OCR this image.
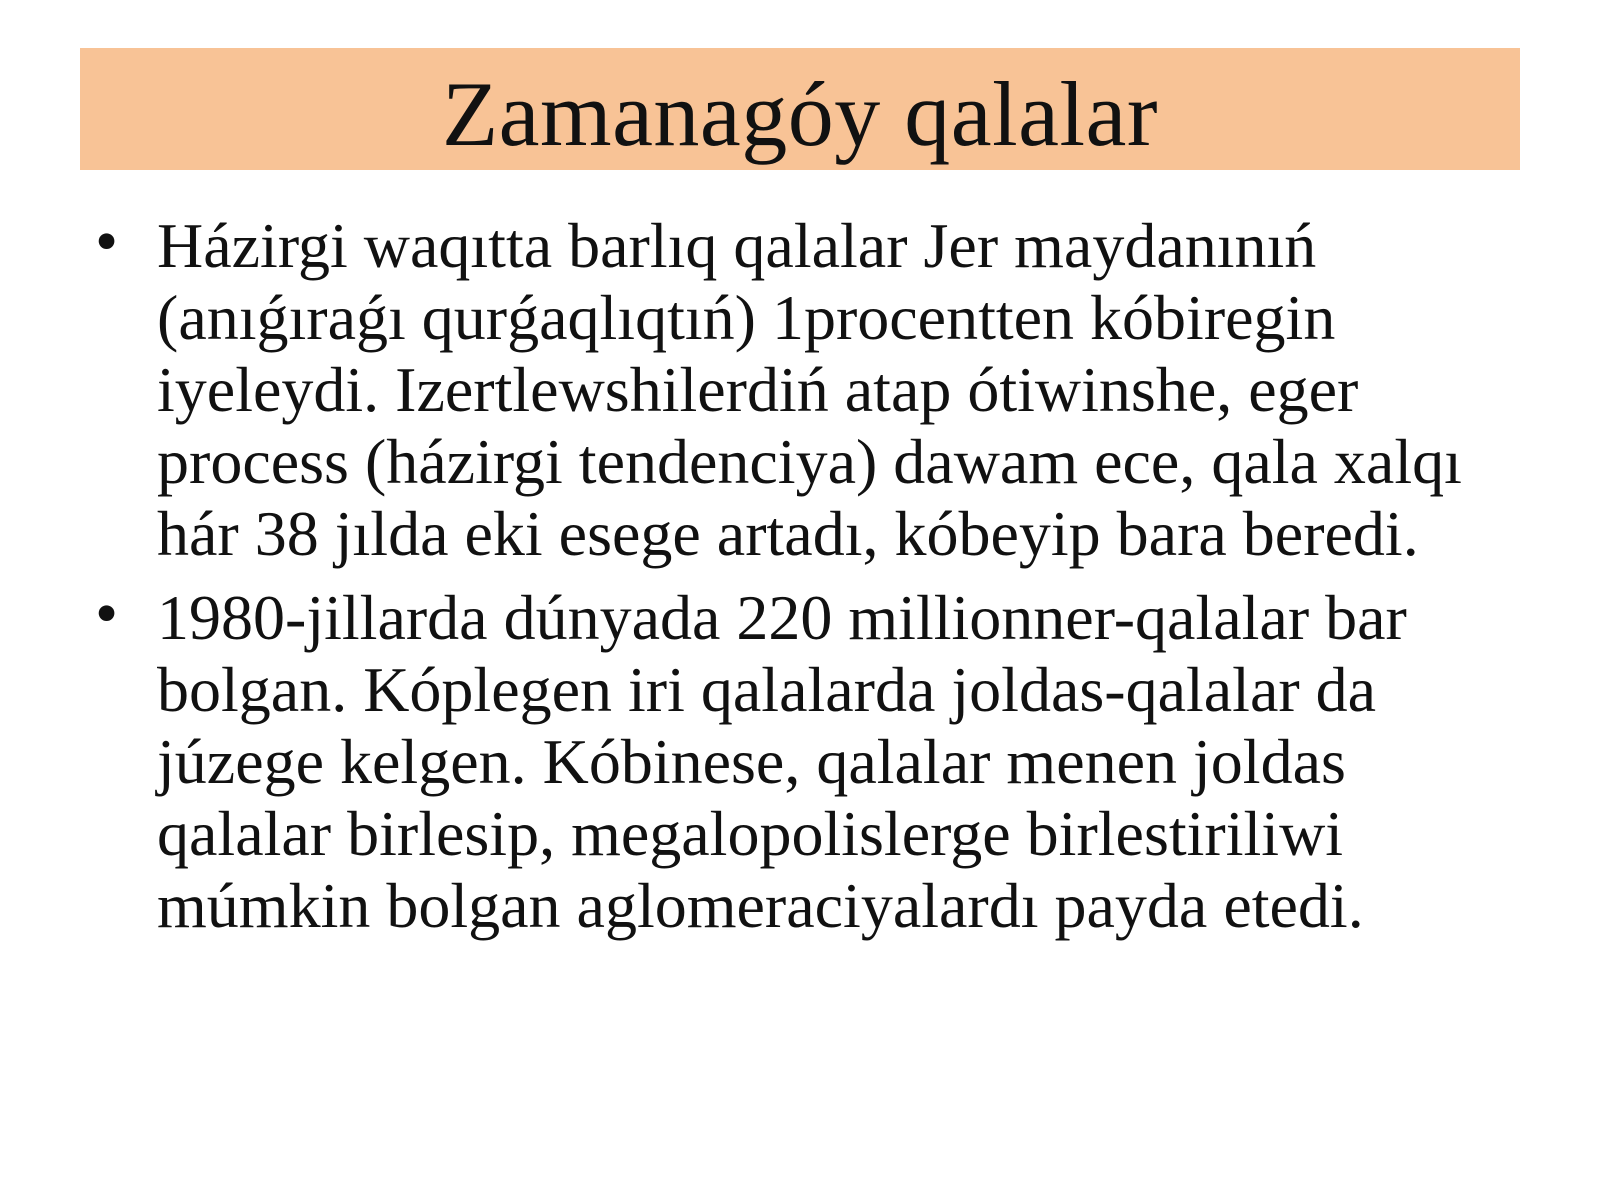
Zamanagóy qalalar
• Házirgi waqıtta barlıq qalalar Jer maydanınıń (anıǵıraǵı qurǵaqlıqtıń) 1procentten kóbiregin iyeleydi. Izertlewshilerdiń atap ótiwinshe, eger process (házirgi tendenciya) dawam ece, qala xalqı hár 38 jılda eki esege artadı, kóbeyip bara beredi.
• 1980-jillarda dúnyada 220 millionner-qalalar bar bolgan. Kóplegen iri qalalarda joldas-qalalar da júzege kelgen. Kóbinese, qalalar menen joldas qalalar birlesip, megalopolislerge birlestiriliwi múmkin bolgan aglomeraciyalardı payda etedi.
